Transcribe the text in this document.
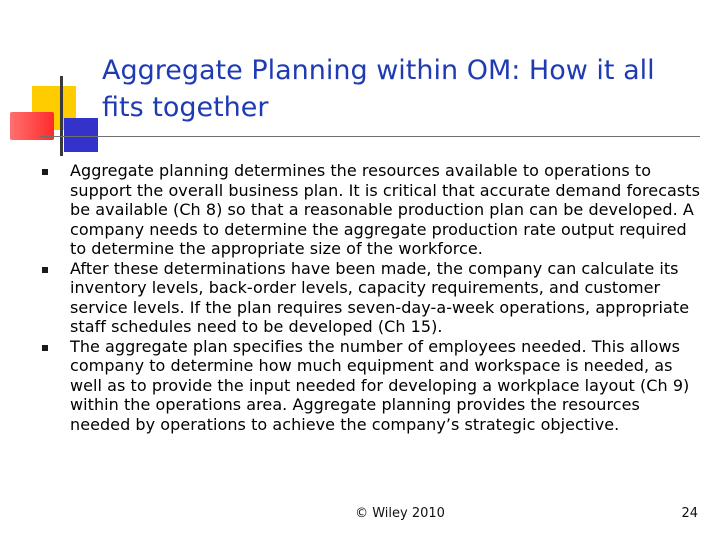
Aggregate Planning within OM: How it all fits together
Aggregate planning determines the resources available to operations to support the overall business plan. It is critical that accurate demand forecasts be available (Ch 8) so that a reasonable production plan can be developed. A company needs to determine the aggregate production rate output required to determine the appropriate size of the workforce.
After these determinations have been made, the company can calculate its inventory levels, back-order levels, capacity requirements, and customer service levels. If the plan requires seven-day-a-week operations, appropriate staff schedules need to be developed (Ch 15).
The aggregate plan specifies the number of employees needed. This allows company to determine how much equipment and workspace is needed, as well as to provide the input needed for developing a workplace layout (Ch 9) within the operations area. Aggregate planning provides the resources needed by operations to achieve the company’s strategic objective.
© Wiley 2010	24
